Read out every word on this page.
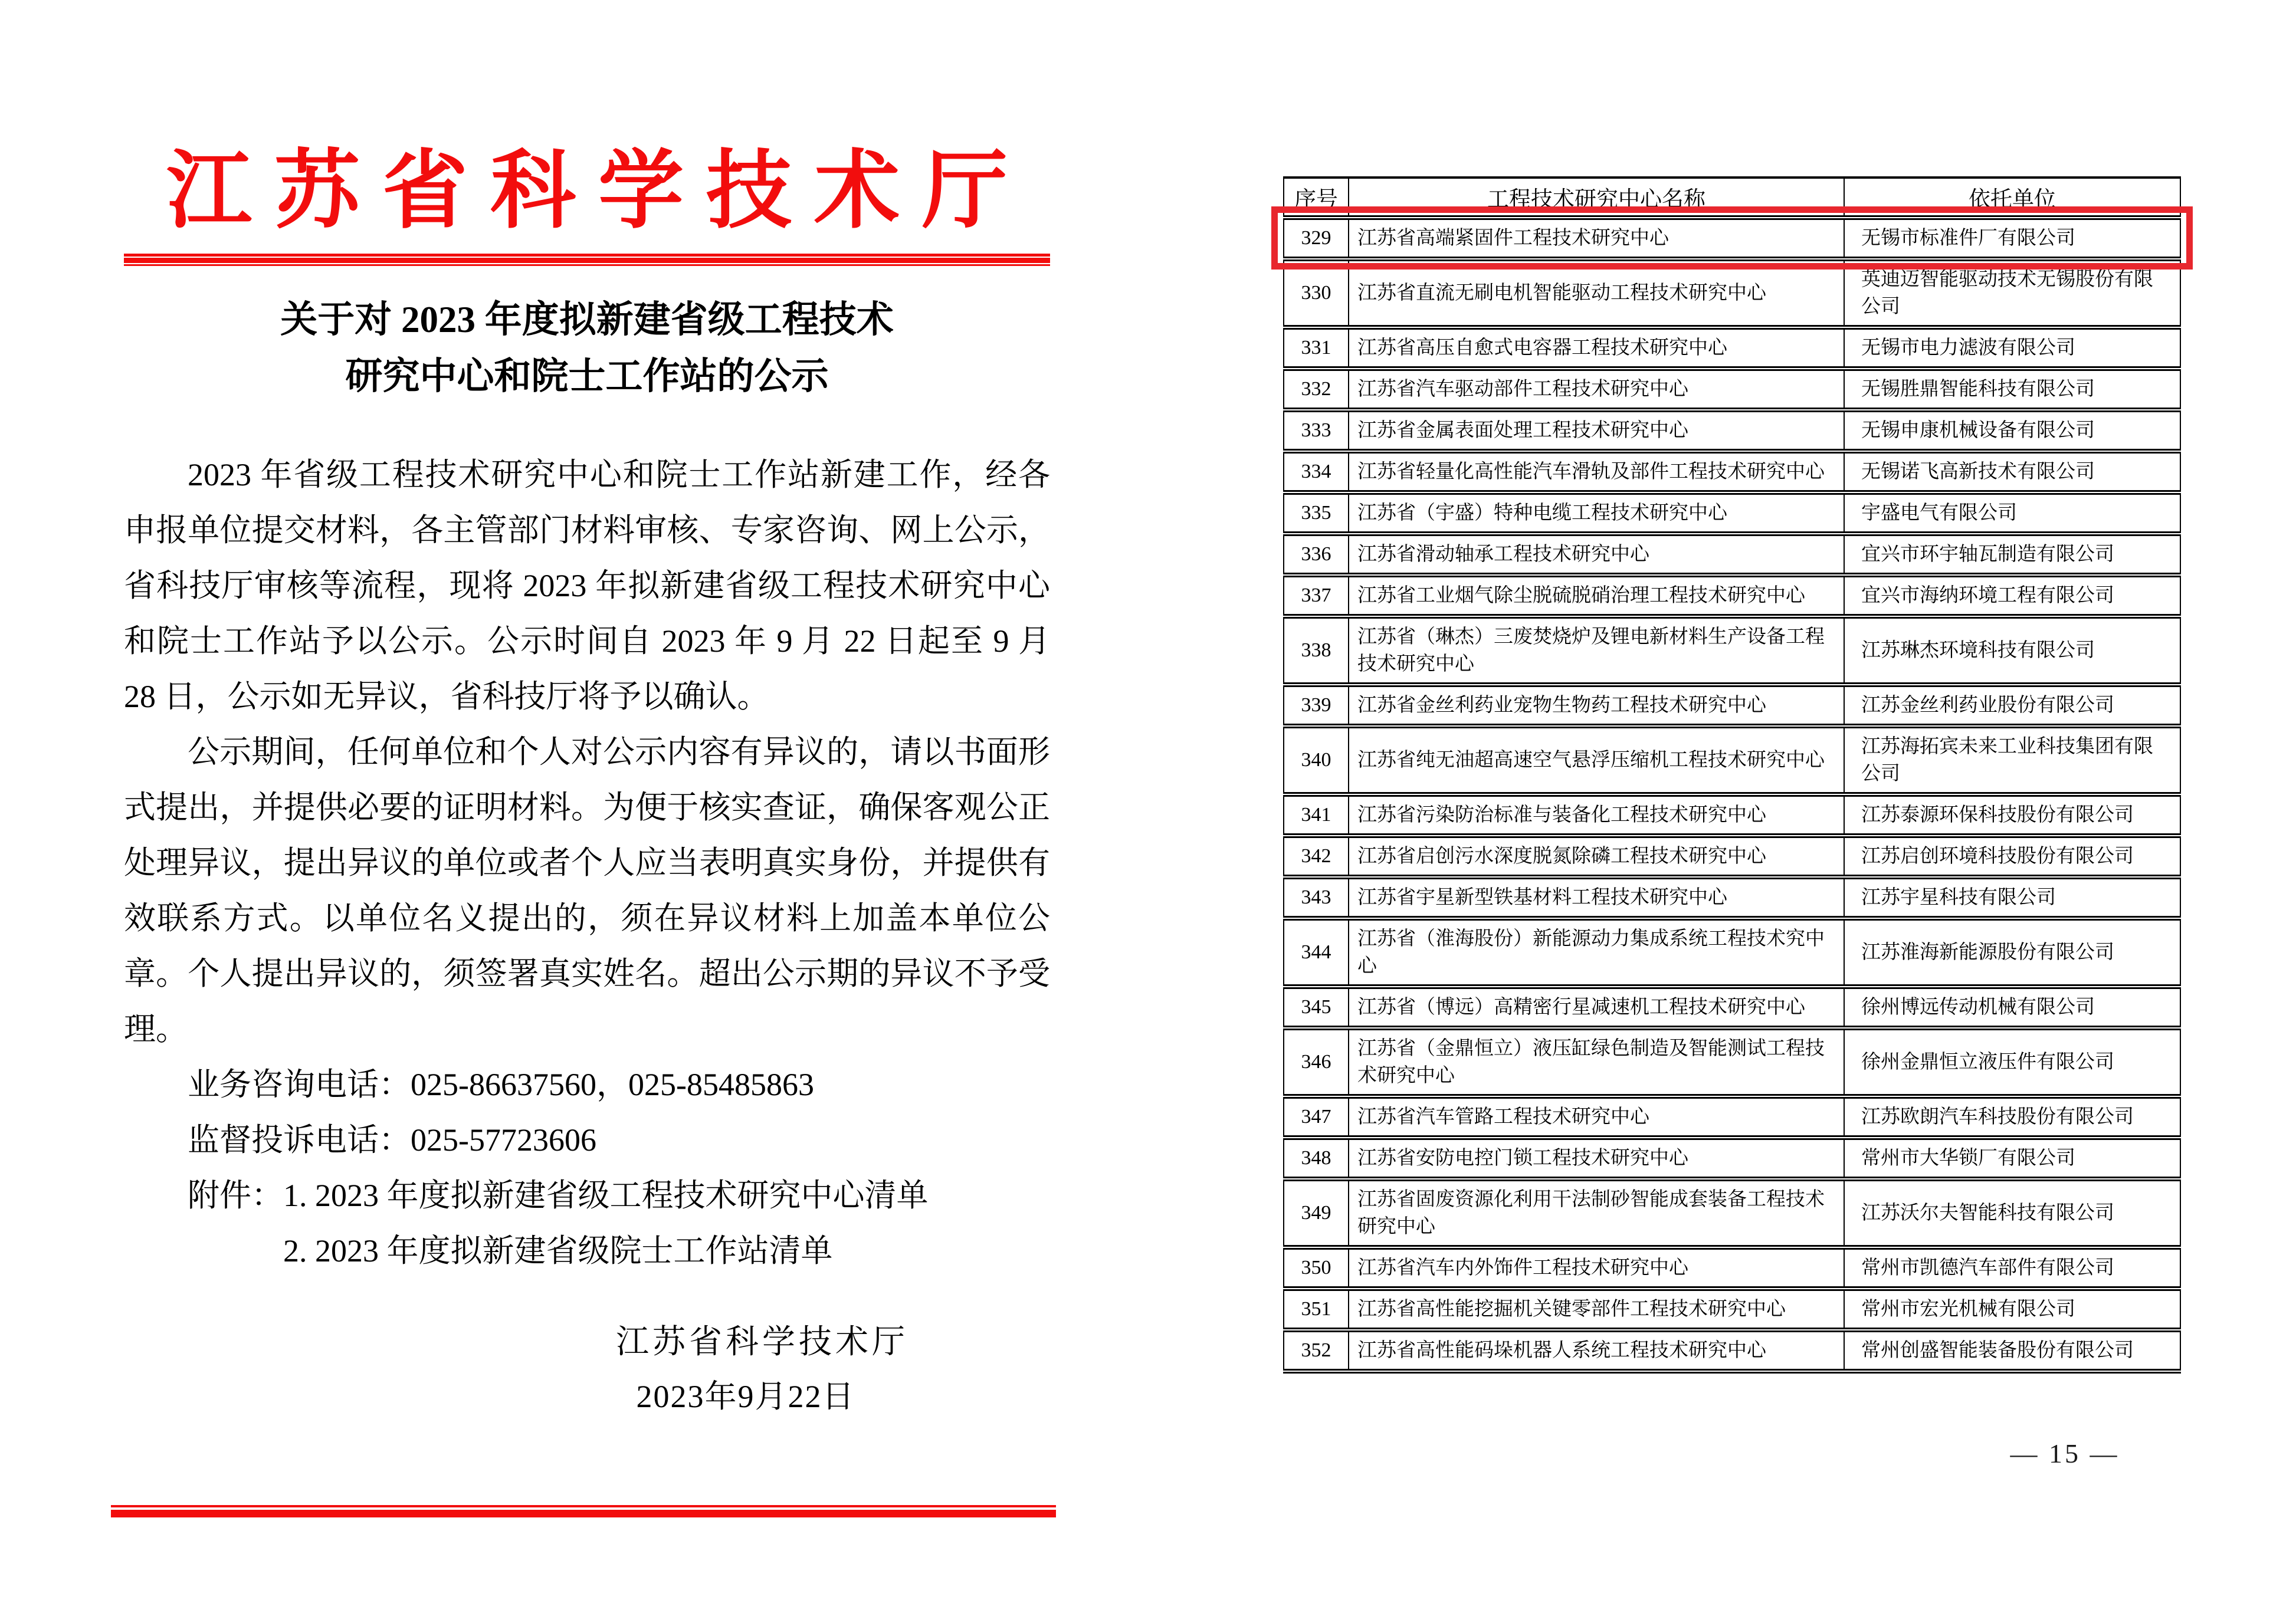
江苏省科学技术厅
关于对 2023 年度拟新建省级工程技术
研究中心和院士工作站的公示

2023 年省级工程技术研究中心和院士工作站新建工作，经各申报单位提交材料，各主管部门材料审核、专家咨询、网上公示，省科技厅审核等流程，现将 2023 年拟新建省级工程技术研究中心和院士工作站予以公示。公示时间自 2023 年 9 月 22 日起至 9 月 28 日，公示如无异议，省科技厅将予以确认。

公示期间，任何单位和个人对公示内容有异议的，请以书面形式提出，并提供必要的证明材料。为便于核实查证，确保客观公正处理异议，提出异议的单位或者个人应当表明真实身份，并提供有效联系方式。以单位名义提出的，须在异议材料上加盖本单位公章。个人提出异议的，须签署真实姓名。超出公示期的异议不予受理。

业务咨询电话：025-86637560，025-85485863

监督投诉电话：025-57723606

附件：1. 2023 年度拟新建省级工程技术研究中心清单

2. 2023 年度拟新建省级院士工作站清单

江苏省科学技术厅
2023年9月22日
序号	工程技术研究中心名称	依托单位
329	江苏省高端紧固件工程技术研究中心	无锡市标准件厂有限公司
330	江苏省直流无刷电机智能驱动工程技术研究中心	英迪迈智能驱动技术无锡股份有限公司
331	江苏省高压自愈式电容器工程技术研究中心	无锡市电力滤波有限公司
332	江苏省汽车驱动部件工程技术研究中心	无锡胜鼎智能科技有限公司
333	江苏省金属表面处理工程技术研究中心	无锡申康机械设备有限公司
334	江苏省轻量化高性能汽车滑轨及部件工程技术研究中心	无锡诺飞高新技术有限公司
335	江苏省（宇盛）特种电缆工程技术研究中心	宇盛电气有限公司
336	江苏省滑动轴承工程技术研究中心	宜兴市环宇轴瓦制造有限公司
337	江苏省工业烟气除尘脱硫脱硝治理工程技术研究中心	宜兴市海纳环境工程有限公司
338	江苏省（琳杰）三废焚烧炉及锂电新材料生产设备工程技术研究中心	江苏琳杰环境科技有限公司
339	江苏省金丝利药业宠物生物药工程技术研究中心	江苏金丝利药业股份有限公司
340	江苏省纯无油超高速空气悬浮压缩机工程技术研究中心	江苏海拓宾未来工业科技集团有限公司
341	江苏省污染防治标准与装备化工程技术研究中心	江苏泰源环保科技股份有限公司
342	江苏省启创污水深度脱氮除磷工程技术研究中心	江苏启创环境科技股份有限公司
343	江苏省宇星新型铁基材料工程技术研究中心	江苏宇星科技有限公司
344	江苏省（淮海股份）新能源动力集成系统工程技术究中心	江苏淮海新能源股份有限公司
345	江苏省（博远）高精密行星减速机工程技术研究中心	徐州博远传动机械有限公司
346	江苏省（金鼎恒立）液压缸绿色制造及智能测试工程技术研究中心	徐州金鼎恒立液压件有限公司
347	江苏省汽车管路工程技术研究中心	江苏欧朗汽车科技股份有限公司
348	江苏省安防电控门锁工程技术研究中心	常州市大华锁厂有限公司
349	江苏省固废资源化利用干法制砂智能成套装备工程技术研究中心	江苏沃尔夫智能科技有限公司
350	江苏省汽车内外饰件工程技术研究中心	常州市凯德汽车部件有限公司
351	江苏省高性能挖掘机关键零部件工程技术研究中心	常州市宏光机械有限公司
352	江苏省高性能码垛机器人系统工程技术研究中心	常州创盛智能装备股份有限公司
— 15 —
